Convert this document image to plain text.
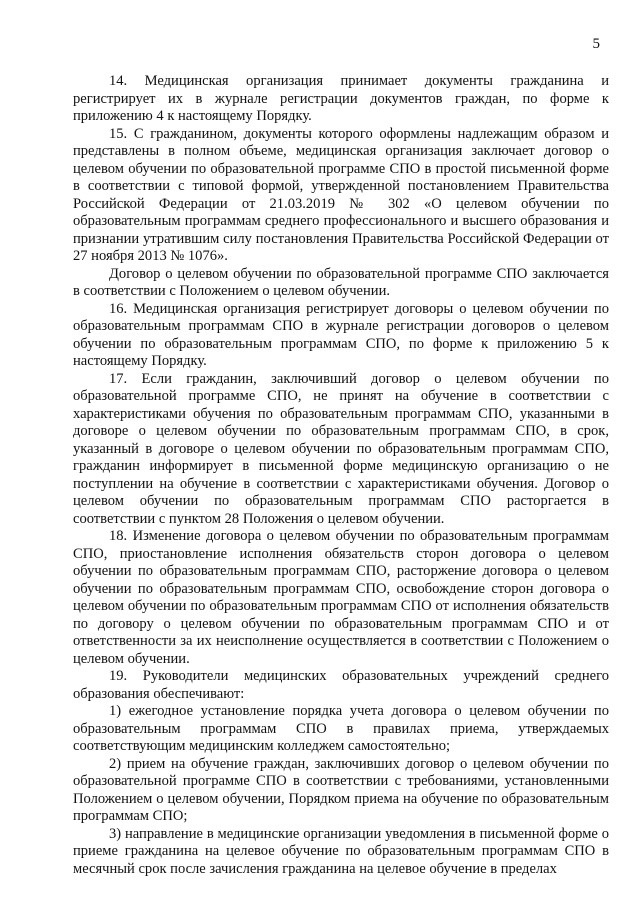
5

14. Медицинская организация принимает документы гражданина и регистрирует их в журнале регистрации документов граждан, по форме к приложению 4 к настоящему Порядку.

15. С гражданином, документы которого оформлены надлежащим образом и представлены в полном объеме, медицинская организация заключает договор о целевом обучении по образовательной программе СПО в простой письменной форме в соответствии с типовой формой, утвержденной постановлением Правительства Российской Федерации от 21.03.2019 № 302 «О целевом обучении по образовательным программам среднего профессионального и высшего образования и признании утратившим силу постановления Правительства Российской Федерации от 27 ноября 2013 № 1076».

Договор о целевом обучении по образовательной программе СПО заключается в соответствии с Положением о целевом обучении.

16. Медицинская организация регистрирует договоры о целевом обучении по образовательным программам СПО в журнале регистрации договоров о целевом обучении по образовательным программам СПО, по форме к приложению 5 к настоящему Порядку.

17. Если гражданин, заключивший договор о целевом обучении по образовательной программе СПО, не принят на обучение в соответствии с характеристиками обучения по образовательным программам СПО, указанными в договоре о целевом обучении по образовательным программам СПО, в срок, указанный в договоре о целевом обучении по образовательным программам СПО, гражданин информирует в письменной форме медицинскую организацию о не поступлении на обучение в соответствии с характеристиками обучения. Договор о целевом обучении по образовательным программам СПО расторгается в соответствии с пунктом 28 Положения о целевом обучении.

18. Изменение договора о целевом обучении по образовательным программам СПО, приостановление исполнения обязательств сторон договора о целевом обучении по образовательным программам СПО, расторжение договора о целевом обучении по образовательным программам СПО, освобождение сторон договора о целевом обучении по образовательным программам СПО от исполнения обязательств по договору о целевом обучении по образовательным программам СПО и от ответственности за их неисполнение осуществляется в соответствии с Положением о целевом обучении.

19. Руководители медицинских образовательных учреждений среднего образования обеспечивают:

1) ежегодное установление порядка учета договора о целевом обучении по образовательным программам СПО в правилах приема, утверждаемых соответствующим медицинским колледжем самостоятельно;

2) прием на обучение граждан, заключивших договор о целевом обучении по образовательной программе СПО в соответствии с требованиями, установленными Положением о целевом обучении, Порядком приема на обучение по образовательным программам СПО;

3) направление в медицинские организации уведомления в письменной форме о приеме гражданина на целевое обучение по образовательным программам СПО в месячный срок после зачисления гражданина на целевое обучение в пределах
